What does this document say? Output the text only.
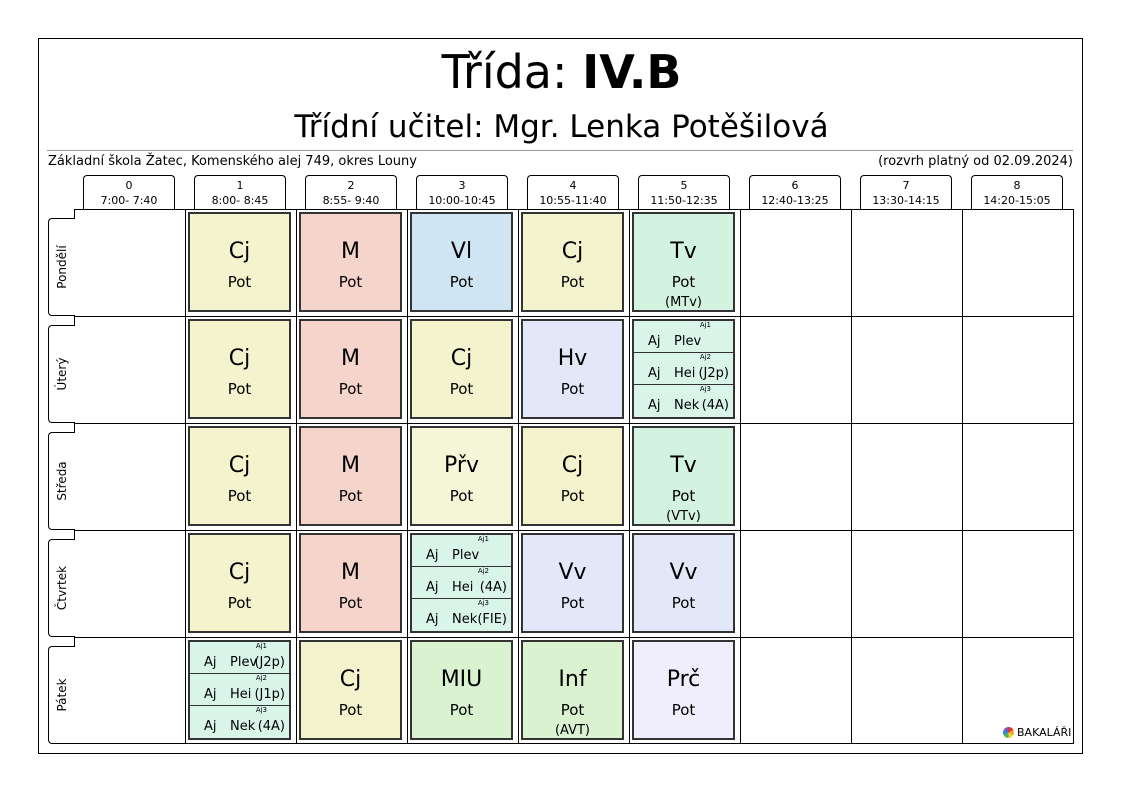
Třída: IV.B
Třídní učitel: Mgr. Lenka Potěšilová
Základní škola Žatec, Komenského alej 749, okres Louny	(rozvrh platný od 02.09.2024)
0
7:00- 7:40
1
8:00- 8:45
2
8:55- 9:40
3
10:00-10:45
4
10:55-11:40
5
11:50-12:35
6
12:40-13:25
7
13:30-14:15
8
14:20-15:05
Pondělí
Úterý
Středa
Čtvrtek
Pátek
Cj
Pot
M
Pot
Vl
Pot
Cj
Pot
Tv
Pot
(MTv)
Cj
Pot
M
Pot
Cj
Pot
Hv
Pot
Aj1
Aj Plev
Aj2
Aj Hei (J2p)
Aj3
Aj Nek (4A)
Cj
Pot
M
Pot
Přv
Pot
Cj
Pot
Tv
Pot
(VTv)
Cj
Pot
M
Pot
Aj1
Aj Plev
Aj2
Aj Hei (4A)
Aj3
Aj Nek (FIE)
Vv
Pot
Vv
Pot
Aj1
Aj Plev
(J2p)
Aj2
Aj Hei (J1p)
Aj3
Aj Nek (4A)
Cj
Pot
MIU
Pot
Inf
Pot
(AVT)
Prč
Pot
BAKALÁŘI
